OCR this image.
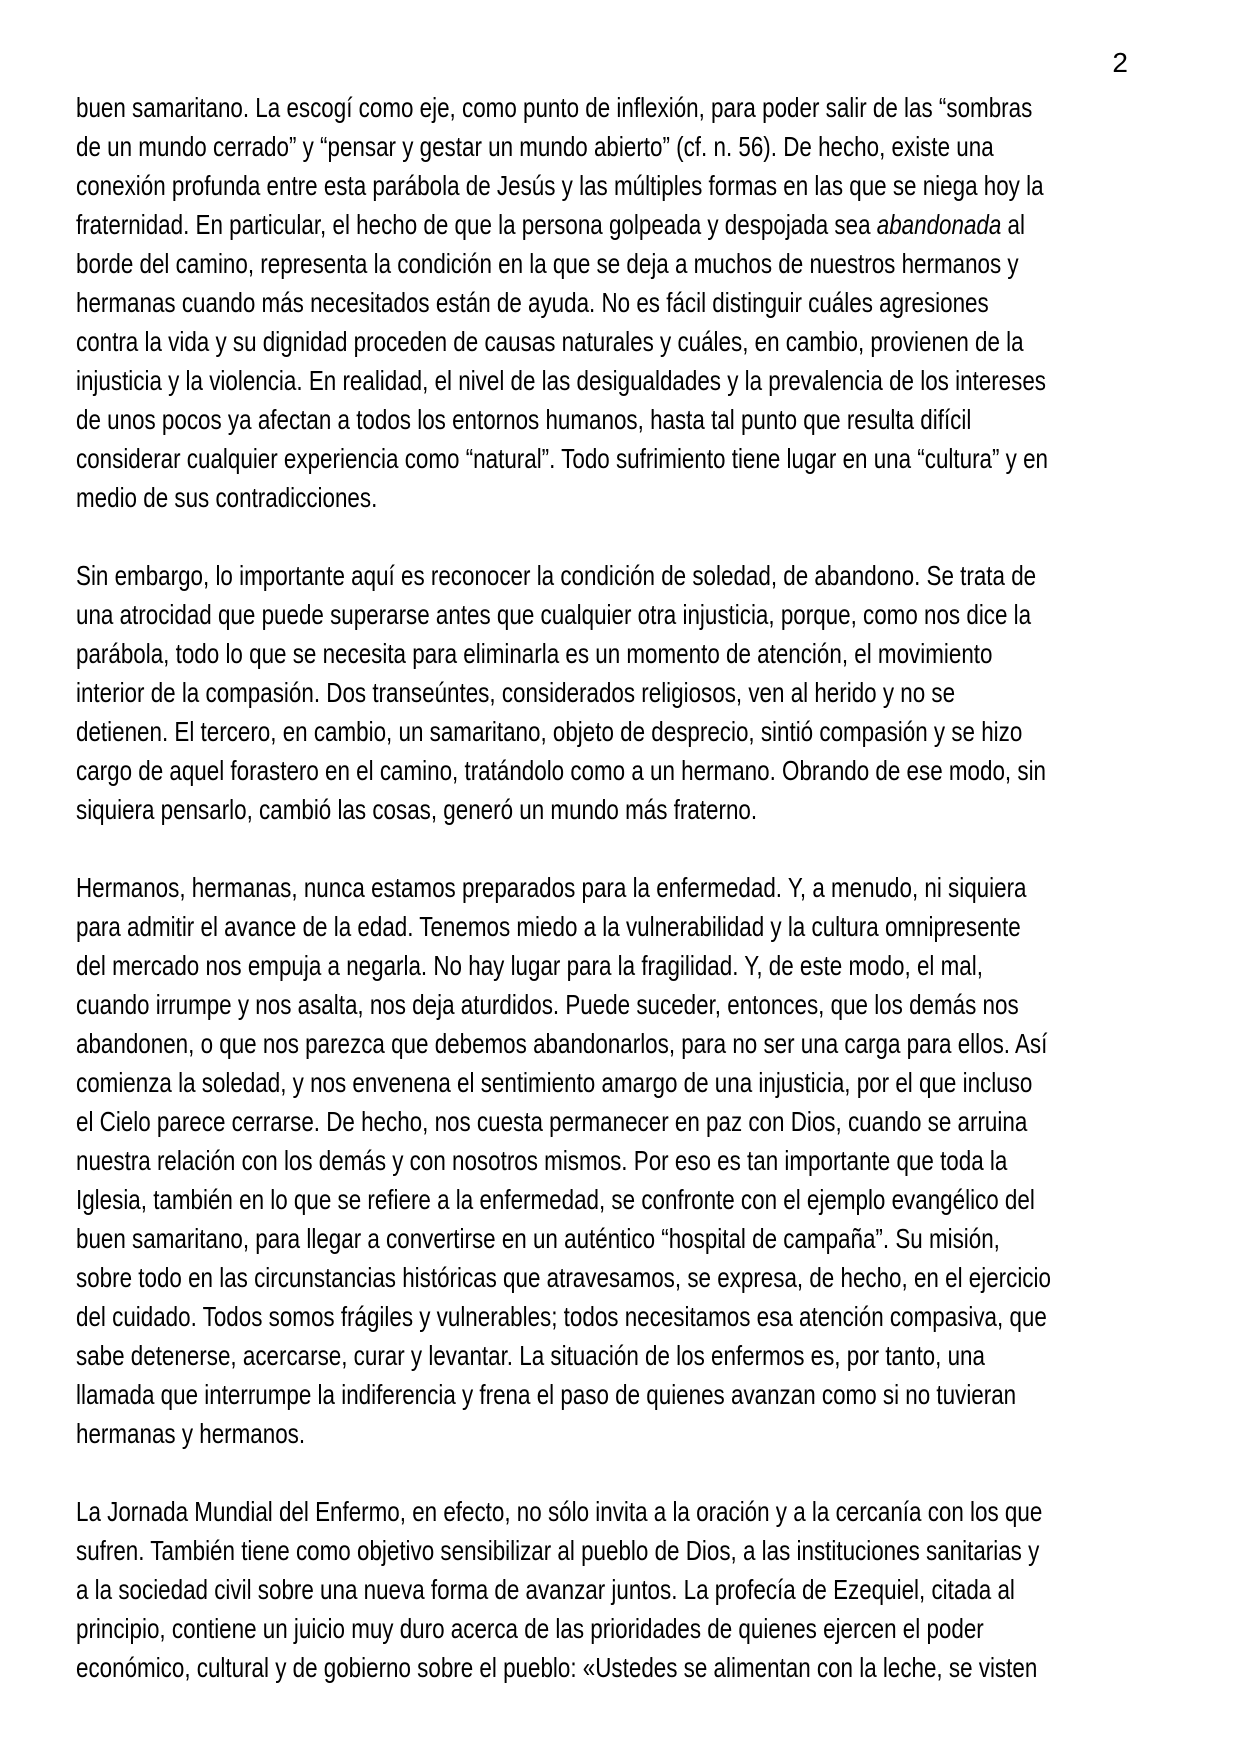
2
buen samaritano. La escogí como eje, como punto de inflexión, para poder salir de las “sombras
de un mundo cerrado” y “pensar y gestar un mundo abierto” (cf. n. 56). De hecho, existe una
conexión profunda entre esta parábola de Jesús y las múltiples formas en las que se niega hoy la
fraternidad. En particular, el hecho de que la persona golpeada y despojada sea abandonada al
borde del camino, representa la condición en la que se deja a muchos de nuestros hermanos y
hermanas cuando más necesitados están de ayuda. No es fácil distinguir cuáles agresiones
contra la vida y su dignidad proceden de causas naturales y cuáles, en cambio, provienen de la
injusticia y la violencia. En realidad, el nivel de las desigualdades y la prevalencia de los intereses
de unos pocos ya afectan a todos los entornos humanos, hasta tal punto que resulta difícil
considerar cualquier experiencia como “natural”. Todo sufrimiento tiene lugar en una “cultura” y en
medio de sus contradicciones.
Sin embargo, lo importante aquí es reconocer la condición de soledad, de abandono. Se trata de
una atrocidad que puede superarse antes que cualquier otra injusticia, porque, como nos dice la
parábola, todo lo que se necesita para eliminarla es un momento de atención, el movimiento
interior de la compasión. Dos transeúntes, considerados religiosos, ven al herido y no se
detienen. El tercero, en cambio, un samaritano, objeto de desprecio, sintió compasión y se hizo
cargo de aquel forastero en el camino, tratándolo como a un hermano. Obrando de ese modo, sin
siquiera pensarlo, cambió las cosas, generó un mundo más fraterno.
Hermanos, hermanas, nunca estamos preparados para la enfermedad. Y, a menudo, ni siquiera
para admitir el avance de la edad. Tenemos miedo a la vulnerabilidad y la cultura omnipresente
del mercado nos empuja a negarla. No hay lugar para la fragilidad. Y, de este modo, el mal,
cuando irrumpe y nos asalta, nos deja aturdidos. Puede suceder, entonces, que los demás nos
abandonen, o que nos parezca que debemos abandonarlos, para no ser una carga para ellos. Así
comienza la soledad, y nos envenena el sentimiento amargo de una injusticia, por el que incluso
el Cielo parece cerrarse. De hecho, nos cuesta permanecer en paz con Dios, cuando se arruina
nuestra relación con los demás y con nosotros mismos. Por eso es tan importante que toda la
Iglesia, también en lo que se refiere a la enfermedad, se confronte con el ejemplo evangélico del
buen samaritano, para llegar a convertirse en un auténtico “hospital de campaña”. Su misión,
sobre todo en las circunstancias históricas que atravesamos, se expresa, de hecho, en el ejercicio
del cuidado. Todos somos frágiles y vulnerables; todos necesitamos esa atención compasiva, que
sabe detenerse, acercarse, curar y levantar. La situación de los enfermos es, por tanto, una
llamada que interrumpe la indiferencia y frena el paso de quienes avanzan como si no tuvieran
hermanas y hermanos.
La Jornada Mundial del Enfermo, en efecto, no sólo invita a la oración y a la cercanía con los que
sufren. También tiene como objetivo sensibilizar al pueblo de Dios, a las instituciones sanitarias y
a la sociedad civil sobre una nueva forma de avanzar juntos. La profecía de Ezequiel, citada al
principio, contiene un juicio muy duro acerca de las prioridades de quienes ejercen el poder
económico, cultural y de gobierno sobre el pueblo: «Ustedes se alimentan con la leche, se visten
